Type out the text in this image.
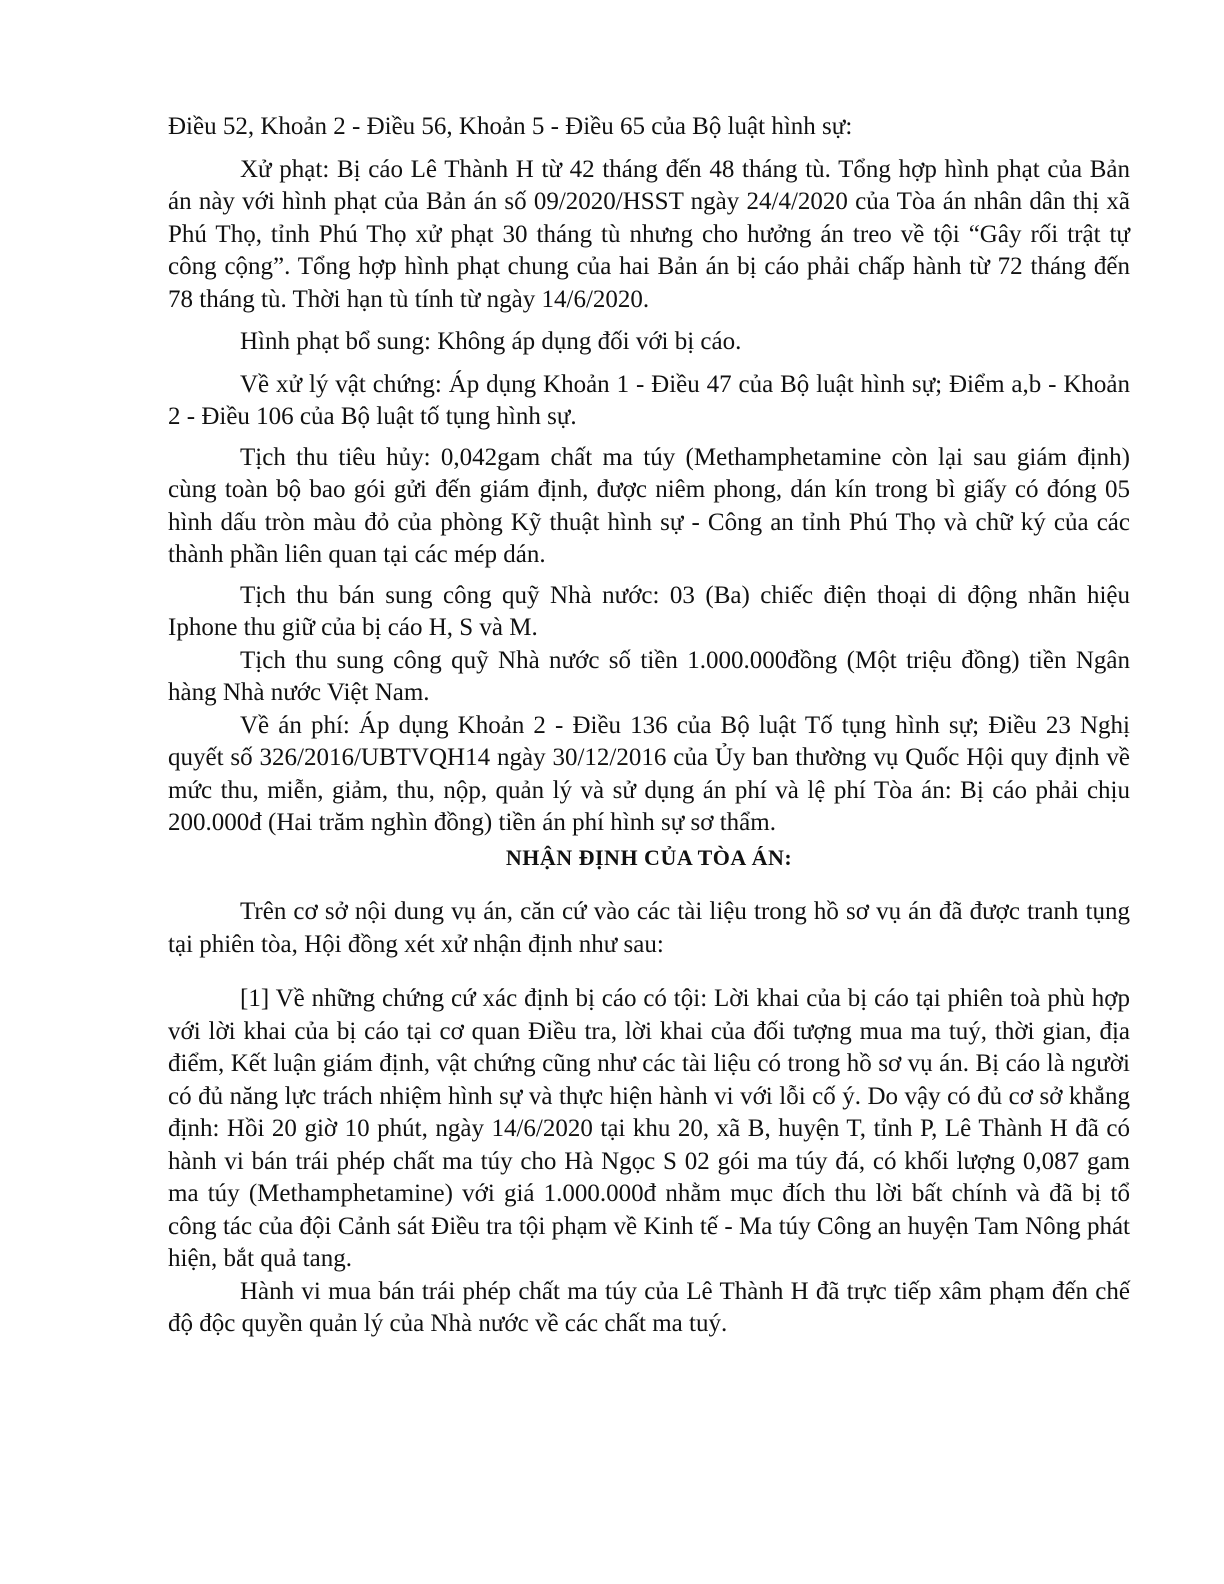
Điều 52, Khoản 2 - Điều 56, Khoản 5 - Điều 65 của Bộ luật hình sự:

Xử phạt: Bị cáo Lê Thành H từ 42 tháng đến 48 tháng tù. Tổng hợp hình phạt của Bản án này với hình phạt của Bản án số 09/2020/HSST ngày 24/4/2020 của Tòa án nhân dân thị xã Phú Thọ, tỉnh Phú Thọ xử phạt 30 tháng tù nhưng cho hưởng án treo về tội “Gây rối trật tự công cộng”. Tổng hợp hình phạt chung của hai Bản án bị cáo phải chấp hành từ 72 tháng đến 78 tháng tù. Thời hạn tù tính từ ngày 14/6/2020.

Hình phạt bổ sung: Không áp dụng đối với bị cáo.

Về xử lý vật chứng: Áp dụng Khoản 1 - Điều 47 của Bộ luật hình sự; Điểm a,b - Khoản 2 - Điều 106 của Bộ luật tố tụng hình sự.

Tịch thu tiêu hủy: 0,042gam chất ma túy (Methamphetamine còn lại sau giám định) cùng toàn bộ bao gói gửi đến giám định, được niêm phong, dán kín trong bì giấy có đóng 05 hình dấu tròn màu đỏ của phòng Kỹ thuật hình sự - Công an tỉnh Phú Thọ và chữ ký của các thành phần liên quan tại các mép dán.

Tịch thu bán sung công quỹ Nhà nước: 03 (Ba) chiếc điện thoại di động nhãn hiệu Iphone thu giữ của bị cáo H, S và M.

Tịch thu sung công quỹ Nhà nước số tiền 1.000.000đồng (Một triệu đồng) tiền Ngân hàng Nhà nước Việt Nam.

Về án phí: Áp dụng Khoản 2 - Điều 136 của Bộ luật Tố tụng hình sự; Điều 23 Nghị quyết số 326/2016/UBTVQH14 ngày 30/12/2016 của Ủy ban thường vụ Quốc Hội quy định về mức thu, miễn, giảm, thu, nộp, quản lý và sử dụng án phí và lệ phí Tòa án: Bị cáo phải chịu 200.000đ (Hai trăm nghìn đồng) tiền án phí hình sự sơ thẩm.

NHẬN ĐỊNH CỦA TÒA ÁN:

Trên cơ sở nội dung vụ án, căn cứ vào các tài liệu trong hồ sơ vụ án đã được tranh tụng tại phiên tòa, Hội đồng xét xử nhận định như sau:

[1] Về những chứng cứ xác định bị cáo có tội: Lời khai của bị cáo tại phiên toà phù hợp với lời khai của bị cáo tại cơ quan Điều tra, lời khai của đối tượng mua ma tuý, thời gian, địa điểm, Kết luận giám định, vật chứng cũng như các tài liệu có trong hồ sơ vụ án. Bị cáo là người có đủ năng lực trách nhiệm hình sự và thực hiện hành vi với lỗi cố ý. Do vậy có đủ cơ sở khẳng định: Hồi 20 giờ 10 phút, ngày 14/6/2020 tại khu 20, xã B, huyện T, tỉnh P, Lê Thành H đã có hành vi bán trái phép chất ma túy cho Hà Ngọc S 02 gói ma túy đá, có khối lượng 0,087 gam ma túy (Methamphetamine) với giá 1.000.000đ nhằm mục đích thu lời bất chính và đã bị tổ công tác của đội Cảnh sát Điều tra tội phạm về Kinh tế - Ma túy Công an huyện Tam Nông phát hiện, bắt quả tang.

Hành vi mua bán trái phép chất ma túy của Lê Thành H đã trực tiếp xâm phạm đến chế độ độc quyền quản lý của Nhà nước về các chất ma tuý.
